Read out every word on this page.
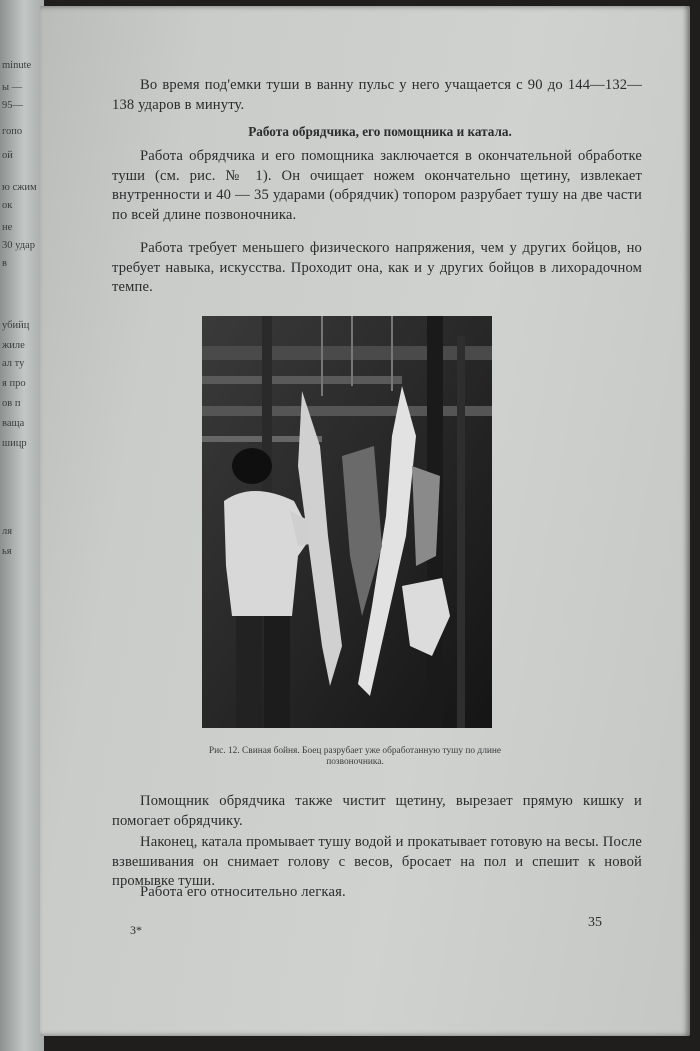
minute
ы —
95—
гопо
ой
ю сжим
ок
не
30 удар
в
убийц
жиле
ал ту
я про
ов п
ваща
шицр
ля
ья
Во время под'емки туши в ванну пульс у него учащается с 90 до 144—132—138 ударов в минуту.
Работа обрядчика, его помощника и катала.
Работа обрядчика и его помощника заключается в окончательной обработке туши (см. рис. № 1). Он очищает ножем окончательно щетину, извлекает внутренности и 40 — 35 ударами (обрядчик) топором разрубает тушу на две части по всей длине позвоночника.
Работа требует меньшего физического напряжения, чем у других бойцов, но требует навыка, искусства. Проходит она, как и у других бойцов в лихорадочном темпе.
Рис. 12. Свиная бойня. Боец разрубает уже обработанную тушу по длине позвоночника.
Помощник обрядчика также чистит щетину, вырезает прямую кишку и помогает обрядчику.
Наконец, катала промывает тушу водой и прокатывает готовую на весы. После взвешивания он снимает голову с весов, бросает на пол и спешит к новой промывке туши.
Работа его относительно легкая.
3*	35
